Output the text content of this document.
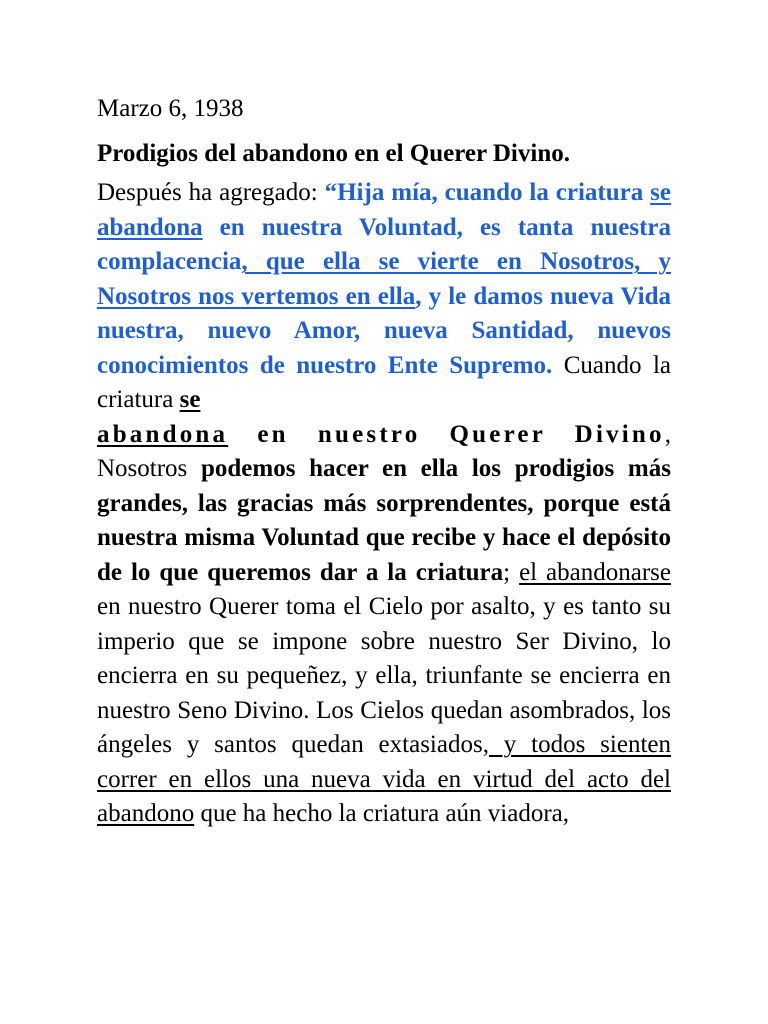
Marzo 6, 1938

Prodigios del abandono en el Querer Divino.

Después ha agregado: “Hija mía, cuando la criatura se abandona en nuestra Voluntad, es tanta nuestra complacencia, que ella se vierte en Nosotros, y Nosotros nos vertemos en ella, y le damos nueva Vida nuestra, nuevo Amor, nueva Santidad, nuevos conocimientos de nuestro Ente Supremo. Cuando la criatura se
abandona en nuestro Querer Divino, Nosotros podemos hacer en ella los prodigios más grandes, las gracias más sorprendentes, porque está nuestra misma Voluntad que recibe y hace el depósito de lo que queremos dar a la criatura; el abandonarse en nuestro Querer toma el Cielo por asalto, y es tanto su imperio que se impone sobre nuestro Ser Divino, lo encierra en su pequeñez, y ella, triunfante se encierra en nuestro Seno Divino. Los Cielos quedan asombrados, los ángeles y santos quedan extasiados, y todos sienten correr en ellos una nueva vida en virtud del acto del abandono que ha hecho la criatura aún viadora,
